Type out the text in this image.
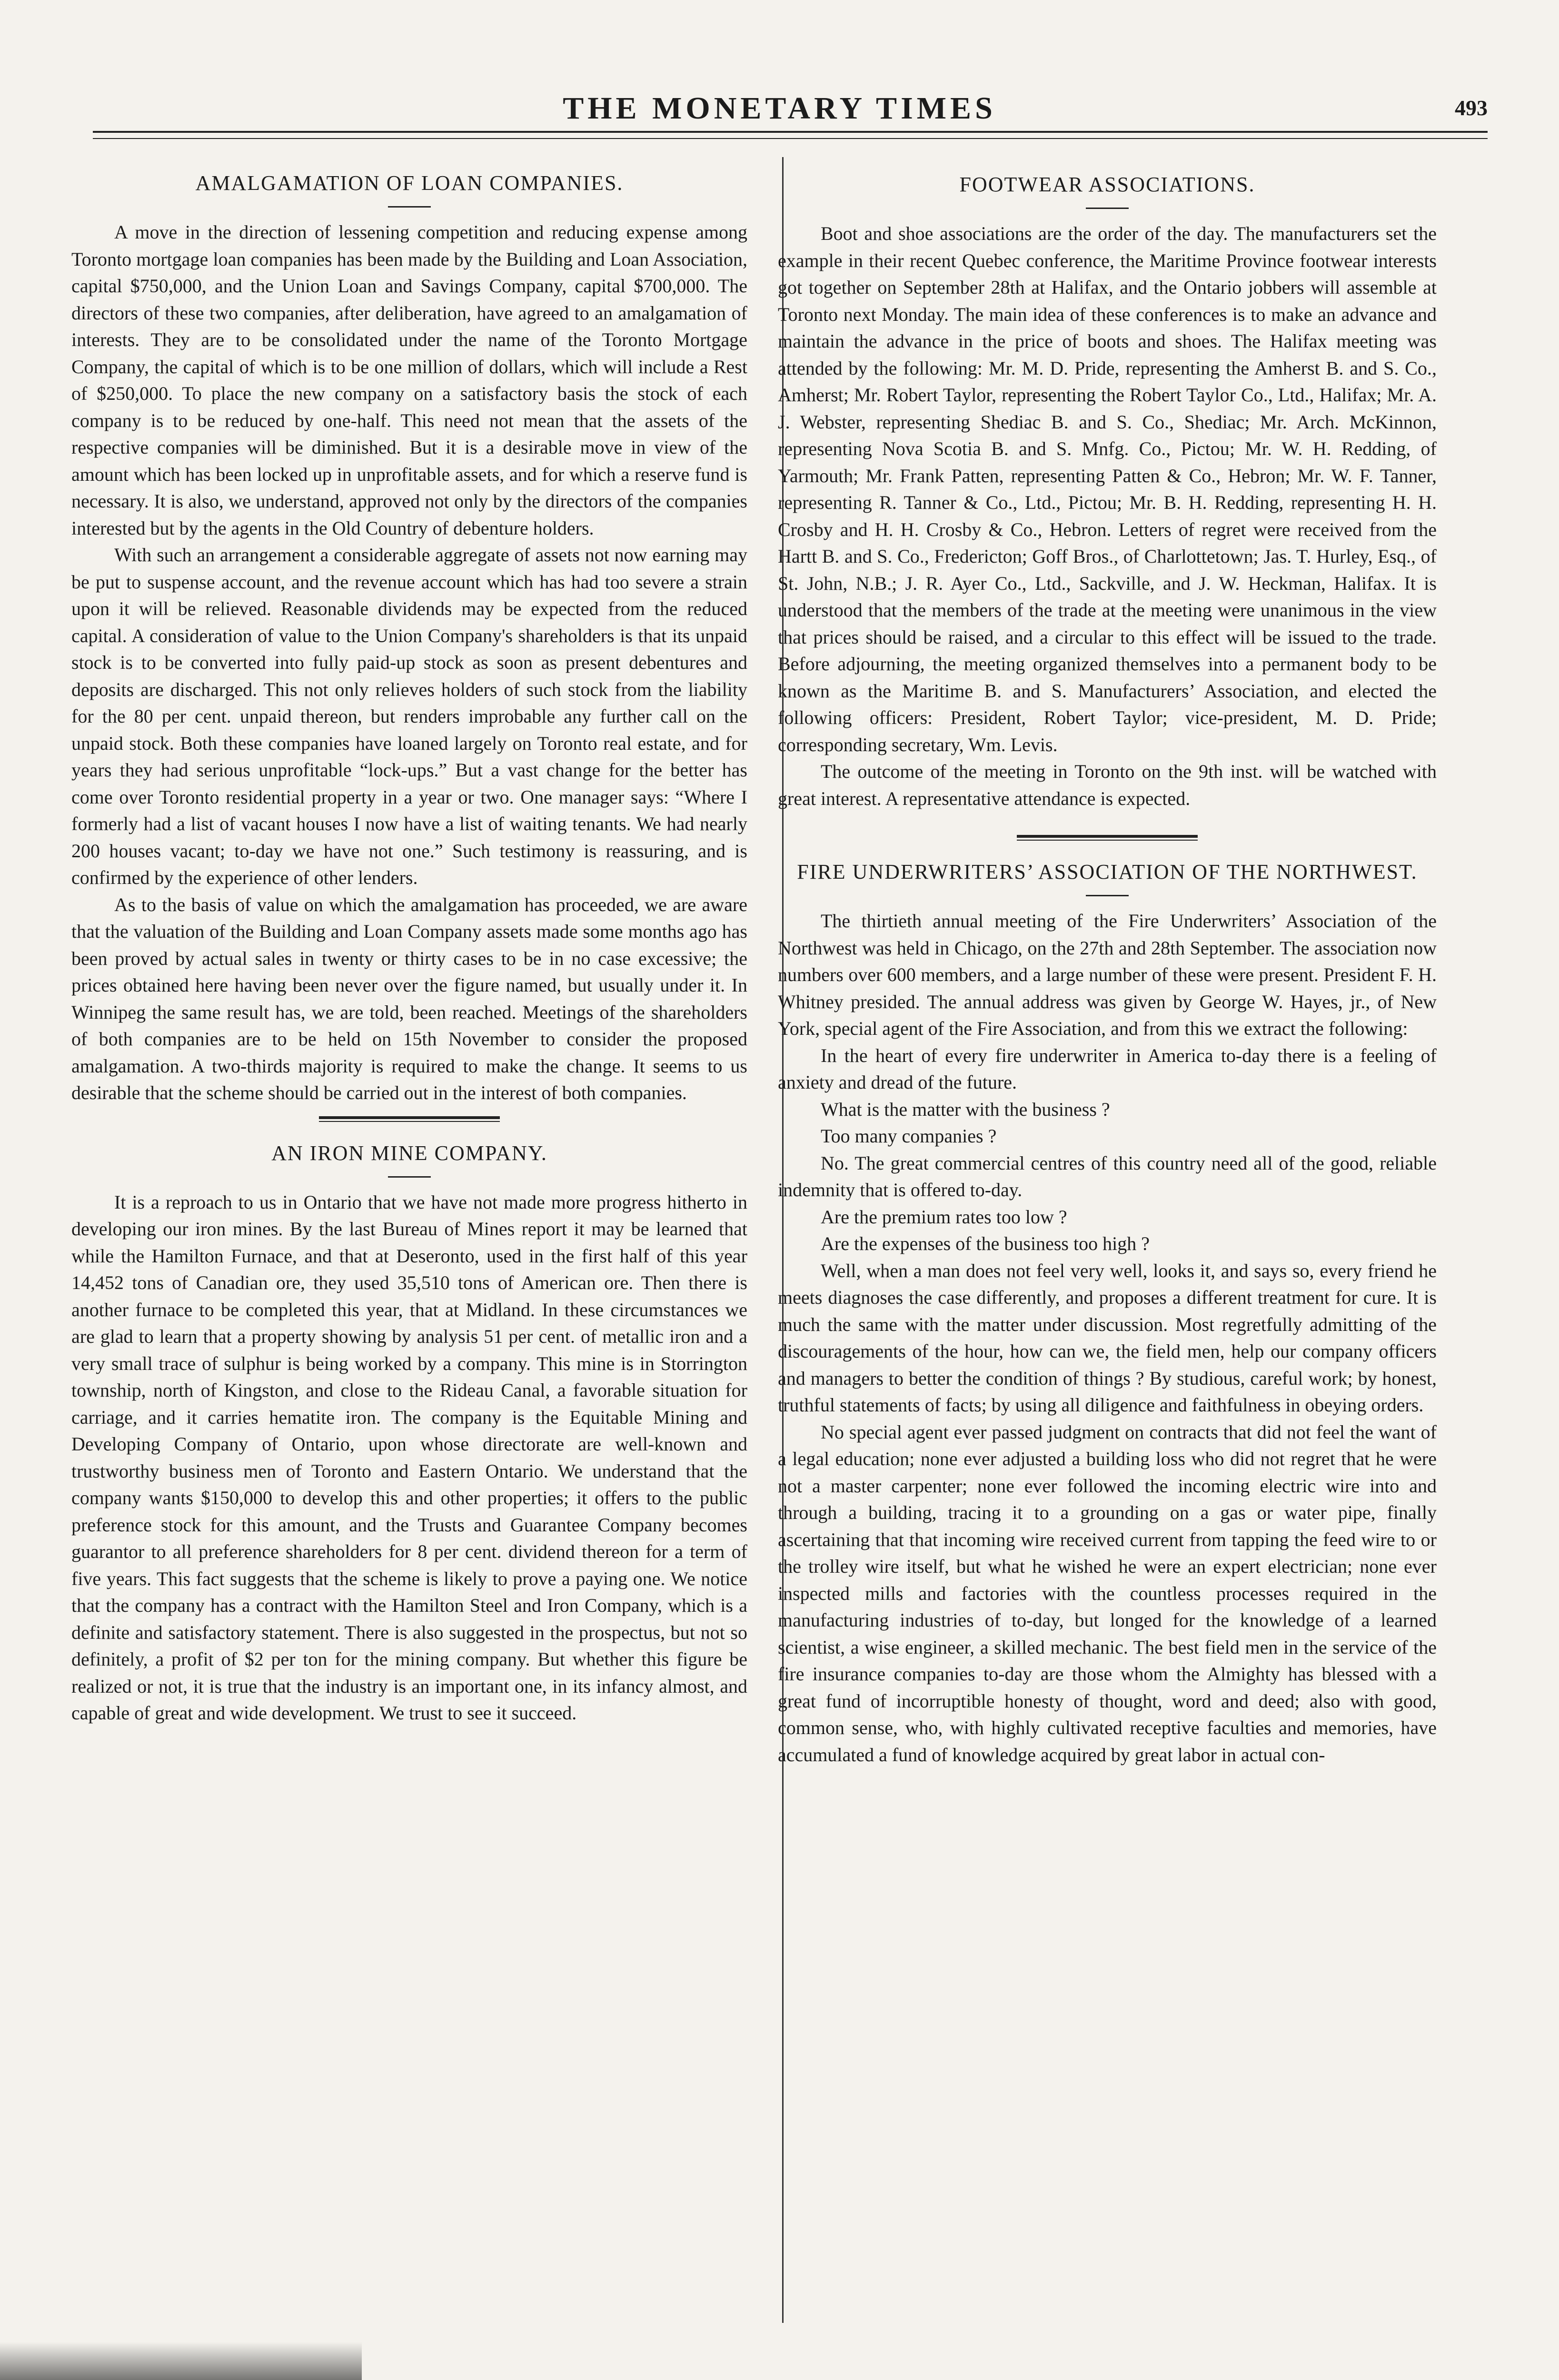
THE MONETARY TIMES	493
AMALGAMATION OF LOAN COMPANIES.

A move in the direction of lessening competition and reducing expense among Toronto mortgage loan companies has been made by the Building and Loan Association, capital $750,000, and the Union Loan and Savings Company, capital $700,000. The directors of these two companies, after deliberation, have agreed to an amalgamation of interests. They are to be consolidated under the name of the Toronto Mortgage Company, the capital of which is to be one million of dollars, which will include a Rest of $250,000. To place the new company on a satisfactory basis the stock of each company is to be reduced by one-half. This need not mean that the assets of the respective companies will be diminished. But it is a desirable move in view of the amount which has been locked up in unprofitable assets, and for which a reserve fund is necessary. It is also, we understand, approved not only by the directors of the companies interested but by the agents in the Old Country of debenture holders.

With such an arrangement a considerable aggregate of assets not now earning may be put to suspense account, and the revenue account which has had too severe a strain upon it will be relieved. Reasonable dividends may be expected from the reduced capital. A consideration of value to the Union Company's shareholders is that its unpaid stock is to be converted into fully paid-up stock as soon as present debentures and deposits are discharged. This not only relieves holders of such stock from the liability for the 80 per cent. unpaid thereon, but renders improbable any further call on the unpaid stock. Both these companies have loaned largely on Toronto real estate, and for years they had serious unprofitable “lock-ups.” But a vast change for the better has come over Toronto residential property in a year or two. One manager says: “Where I formerly had a list of vacant houses I now have a list of waiting tenants. We had nearly 200 houses vacant; to-day we have not one.” Such testimony is reassuring, and is confirmed by the experience of other lenders.

As to the basis of value on which the amalgamation has proceeded, we are aware that the valuation of the Building and Loan Company assets made some months ago has been proved by actual sales in twenty or thirty cases to be in no case excessive; the prices obtained here having been never over the figure named, but usually under it. In Winnipeg the same result has, we are told, been reached. Meetings of the shareholders of both companies are to be held on 15th November to consider the proposed amalgamation. A two-thirds majority is required to make the change. It seems to us desirable that the scheme should be carried out in the interest of both companies.

AN IRON MINE COMPANY.

It is a reproach to us in Ontario that we have not made more progress hitherto in developing our iron mines. By the last Bureau of Mines report it may be learned that while the Hamilton Furnace, and that at Deseronto, used in the first half of this year 14,452 tons of Canadian ore, they used 35,510 tons of American ore. Then there is another furnace to be completed this year, that at Midland. In these circumstances we are glad to learn that a property showing by analysis 51 per cent. of metallic iron and a very small trace of sulphur is being worked by a company. This mine is in Storrington township, north of Kingston, and close to the Rideau Canal, a favorable situation for carriage, and it carries hematite iron. The company is the Equitable Mining and Developing Company of Ontario, upon whose directorate are well-known and trustworthy business men of Toronto and Eastern Ontario. We understand that the company wants $150,000 to develop this and other properties; it offers to the public preference stock for this amount, and the Trusts and Guarantee Company becomes guarantor to all preference shareholders for 8 per cent. dividend thereon for a term of five years. This fact suggests that the scheme is likely to prove a paying one. We notice that the company has a contract with the Hamilton Steel and Iron Company, which is a definite and satisfactory statement. There is also suggested in the prospectus, but not so definitely, a profit of $2 per ton for the mining company. But whether this figure be realized or not, it is true that the industry is an important one, in its infancy almost, and capable of great and wide development. We trust to see it succeed.

FOOTWEAR ASSOCIATIONS.

Boot and shoe associations are the order of the day. The manufacturers set the example in their recent Quebec conference, the Maritime Province footwear interests got together on September 28th at Halifax, and the Ontario jobbers will assemble at Toronto next Monday. The main idea of these conferences is to make an advance and maintain the advance in the price of boots and shoes. The Halifax meeting was attended by the following: Mr. M. D. Pride, representing the Amherst B. and S. Co., Amherst; Mr. Robert Taylor, representing the Robert Taylor Co., Ltd., Halifax; Mr. A. J. Webster, representing Shediac B. and S. Co., Shediac; Mr. Arch. McKinnon, representing Nova Scotia B. and S. Mnfg. Co., Pictou; Mr. W. H. Redding, of Yarmouth; Mr. Frank Patten, representing Patten & Co., Hebron; Mr. W. F. Tanner, representing R. Tanner & Co., Ltd., Pictou; Mr. B. H. Redding, representing H. H. Crosby and H. H. Crosby & Co., Hebron. Letters of regret were received from the Hartt B. and S. Co., Fredericton; Goff Bros., of Charlottetown; Jas. T. Hurley, Esq., of St. John, N.B.; J. R. Ayer Co., Ltd., Sackville, and J. W. Heckman, Halifax. It is understood that the members of the trade at the meeting were unanimous in the view that prices should be raised, and a circular to this effect will be issued to the trade. Before adjourning, the meeting organized themselves into a permanent body to be known as the Maritime B. and S. Manufacturers’ Association, and elected the following officers: President, Robert Taylor; vice-president, M. D. Pride; corresponding secretary, Wm. Levis.

The outcome of the meeting in Toronto on the 9th inst. will be watched with great interest. A representative attendance is expected.

FIRE UNDERWRITERS’ ASSOCIATION OF THE NORTHWEST.

The thirtieth annual meeting of the Fire Underwriters’ Association of the Northwest was held in Chicago, on the 27th and 28th September. The association now numbers over 600 members, and a large number of these were present. President F. H. Whitney presided. The annual address was given by George W. Hayes, jr., of New York, special agent of the Fire Association, and from this we extract the following:

In the heart of every fire underwriter in America to-day there is a feeling of anxiety and dread of the future.

What is the matter with the business ?

Too many companies ?

No. The great commercial centres of this country need all of the good, reliable indemnity that is offered to-day.

Are the premium rates too low ?

Are the expenses of the business too high ?

Well, when a man does not feel very well, looks it, and says so, every friend he meets diagnoses the case differently, and proposes a different treatment for cure. It is much the same with the matter under discussion. Most regretfully admitting of the discouragements of the hour, how can we, the field men, help our company officers and managers to better the condition of things ? By studious, careful work; by honest, truthful statements of facts; by using all diligence and faithfulness in obeying orders.

No special agent ever passed judgment on contracts that did not feel the want of a legal education; none ever adjusted a building loss who did not regret that he were not a master carpenter; none ever followed the incoming electric wire into and through a building, tracing it to a grounding on a gas or water pipe, finally ascertaining that that incoming wire received current from tapping the feed wire to or the trolley wire itself, but what he wished he were an expert electrician; none ever inspected mills and factories with the countless processes required in the manufacturing industries of to-day, but longed for the knowledge of a learned scientist, a wise engineer, a skilled mechanic. The best field men in the service of the fire insurance companies to-day are those whom the Almighty has blessed with a great fund of incorruptible honesty of thought, word and deed; also with good, common sense, who, with highly cultivated receptive faculties and memories, have accumulated a fund of knowledge acquired by great labor in actual con-
